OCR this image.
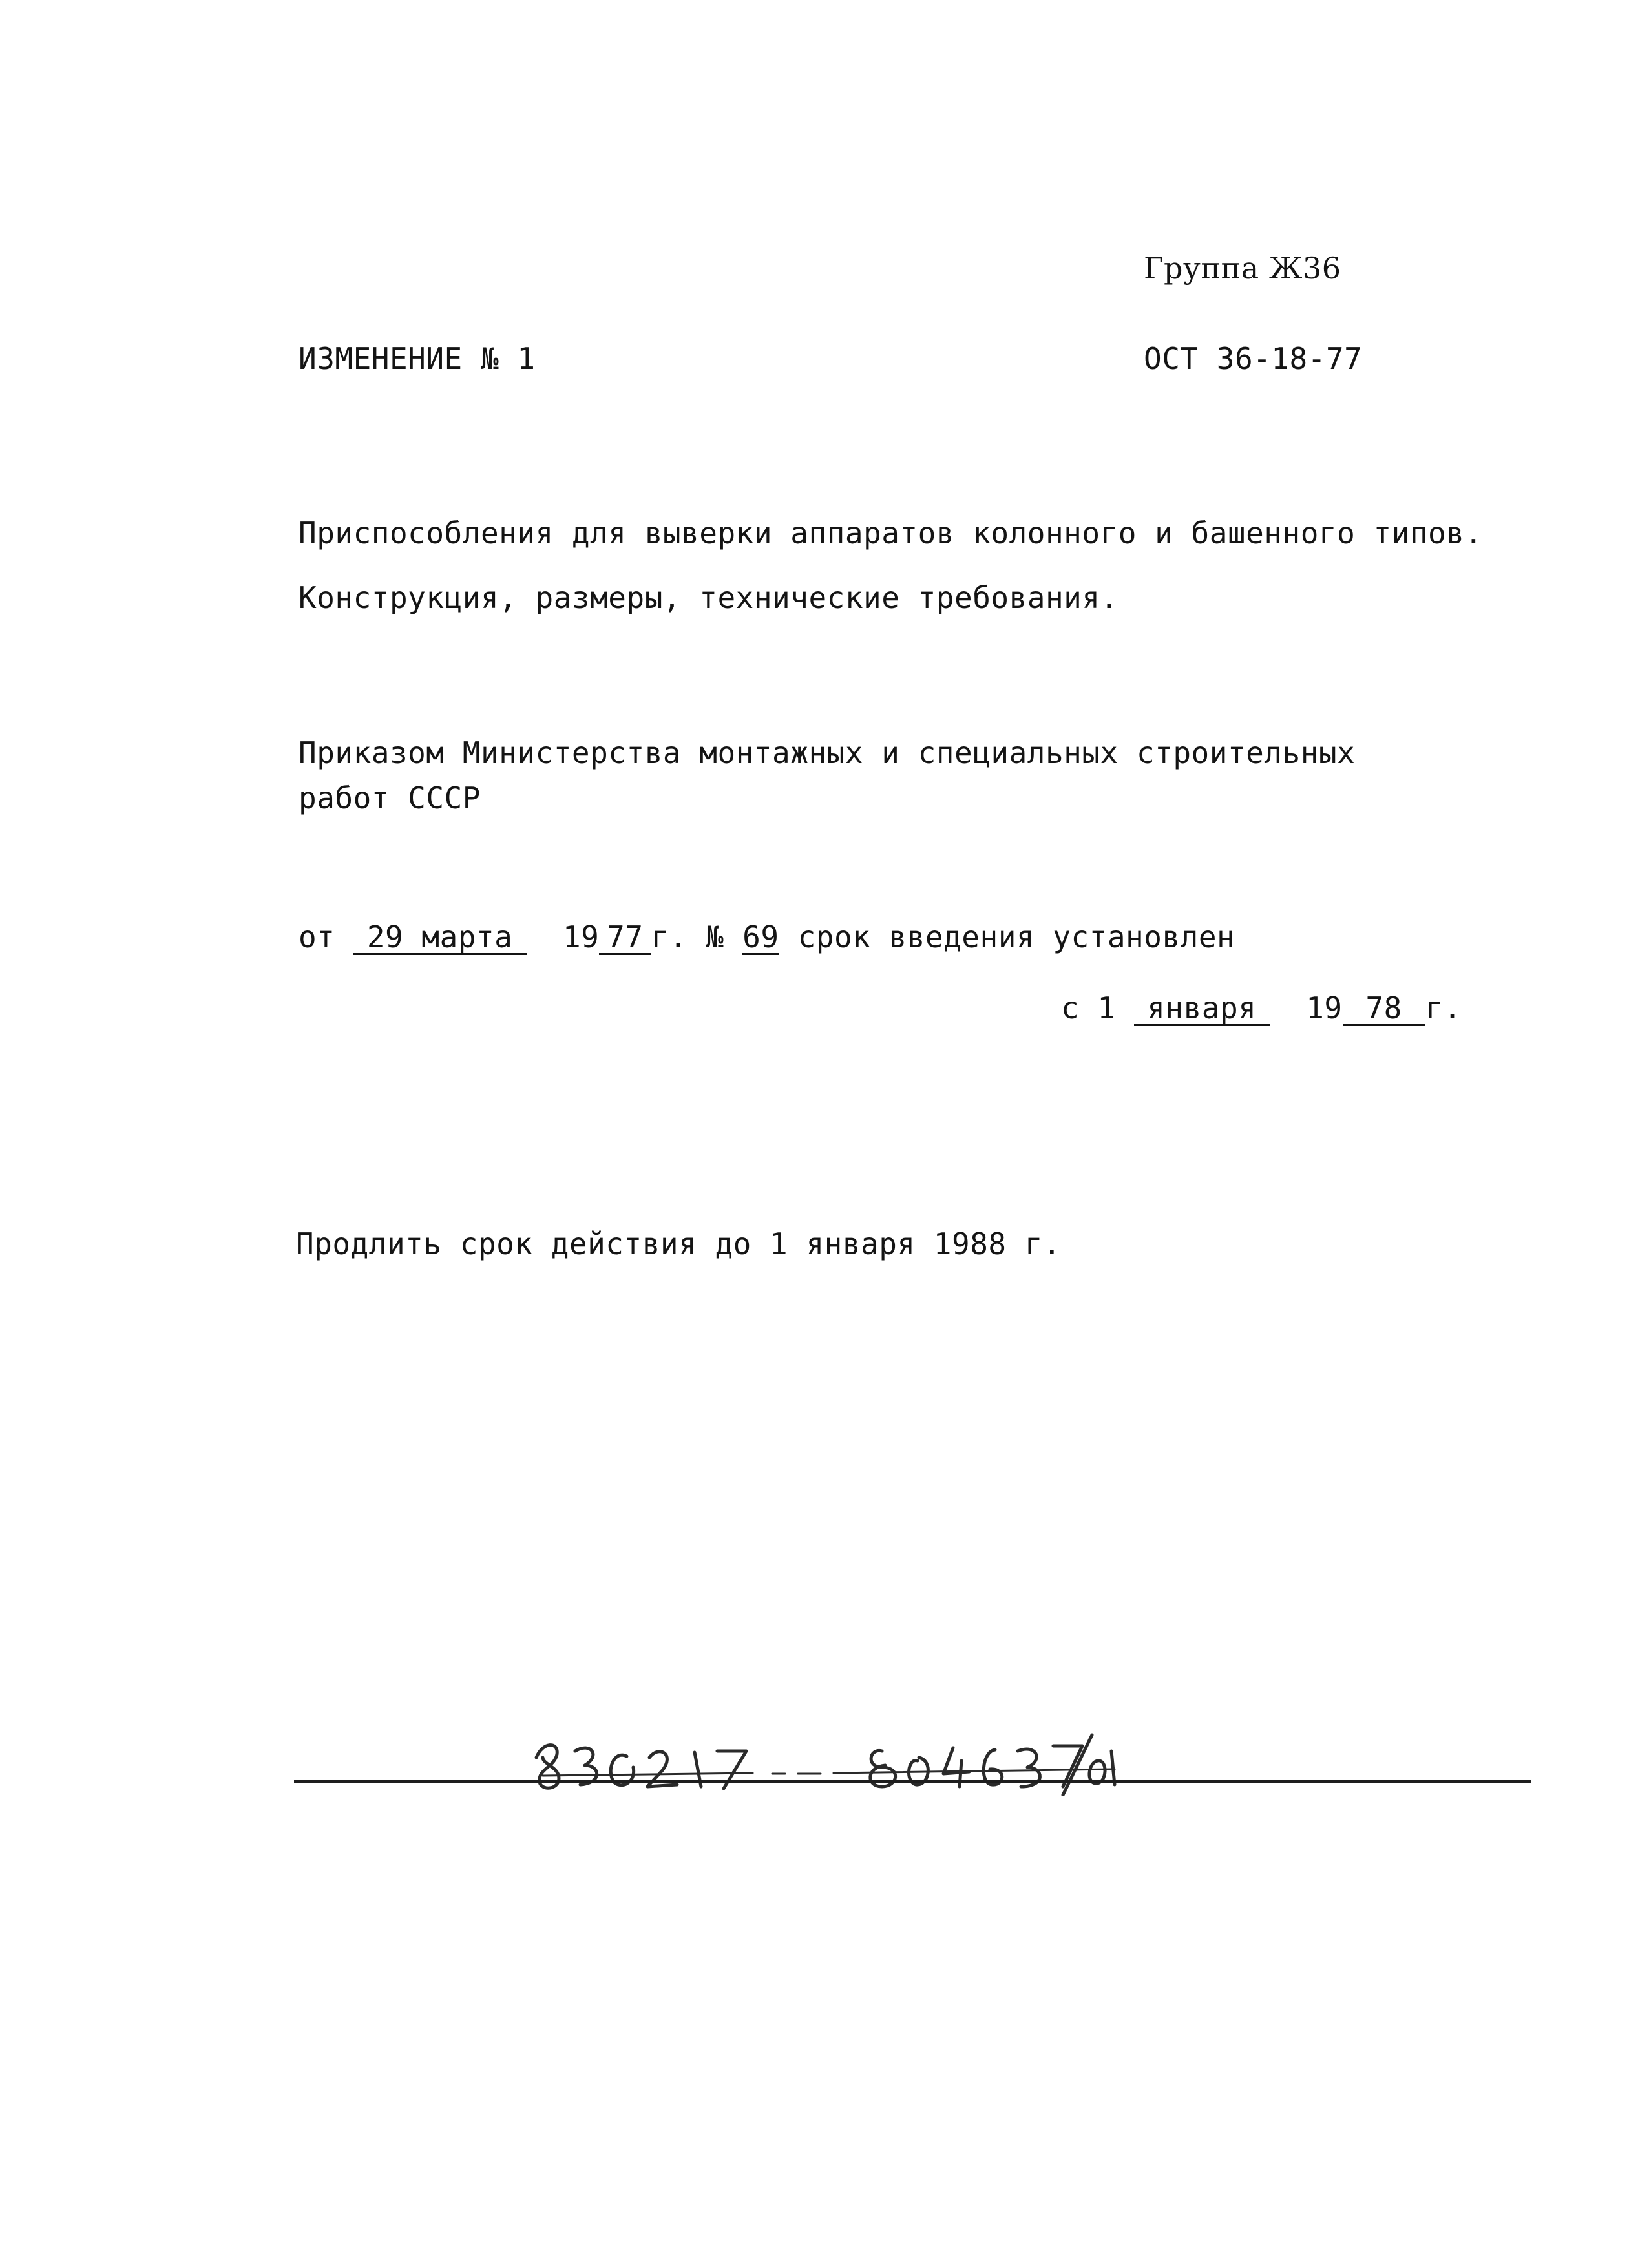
Группа Ж36
ИЗМЕНЕНИЕ № 1	ОСТ 36-18-77
Приспособления для выверки аппаратов колонного и башенного типов.
Конструкция, размеры, технические требования.
Приказом Министерства монтажных и специальных строительных
работ СССР
от 29 марта 19 77 г. № 69 срок введения установлен
с 1 января 19 78 г.
Продлить срок действия до 1 января 1988 г.
